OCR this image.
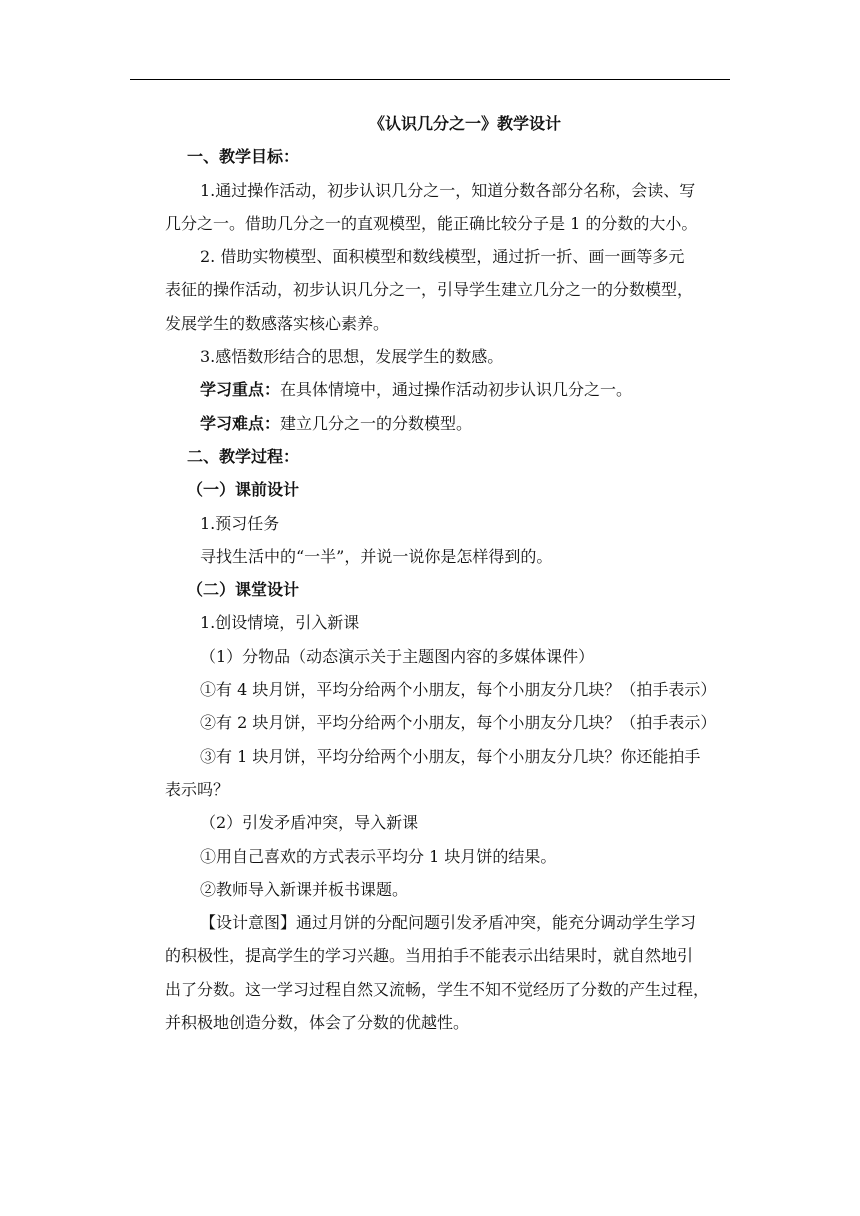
《认识几分之一》教学设计
一、教学目标：
1.通过操作活动，初步认识几分之一，知道分数各部分名称，会读、写
几分之一。借助几分之一的直观模型，能正确比较分子是 1 的分数的大小。
2. 借助实物模型、面积模型和数线模型，通过折一折、画一画等多元
表征的操作活动，初步认识几分之一，引导学生建立几分之一的分数模型，
发展学生的数感落实核心素养。
3.感悟数形结合的思想，发展学生的数感。
学习重点：在具体情境中，通过操作活动初步认识几分之一。
学习难点：建立几分之一的分数模型。
二、教学过程：
（一）课前设计
1.预习任务
寻找生活中的“一半”，并说一说你是怎样得到的。
（二）课堂设计
1.创设情境，引入新课
（1）分物品（动态演示关于主题图内容的多媒体课件）
①有 4 块月饼，平均分给两个小朋友，每个小朋友分几块？（拍手表示）
②有 2 块月饼，平均分给两个小朋友，每个小朋友分几块？（拍手表示）
③有 1 块月饼，平均分给两个小朋友，每个小朋友分几块？你还能拍手
表示吗？
（2）引发矛盾冲突，导入新课
①用自己喜欢的方式表示平均分 1 块月饼的结果。
②教师导入新课并板书课题。
【设计意图】通过月饼的分配问题引发矛盾冲突，能充分调动学生学习
的积极性，提高学生的学习兴趣。当用拍手不能表示出结果时，就自然地引
出了分数。这一学习过程自然又流畅，学生不知不觉经历了分数的产生过程，
并积极地创造分数，体会了分数的优越性。
